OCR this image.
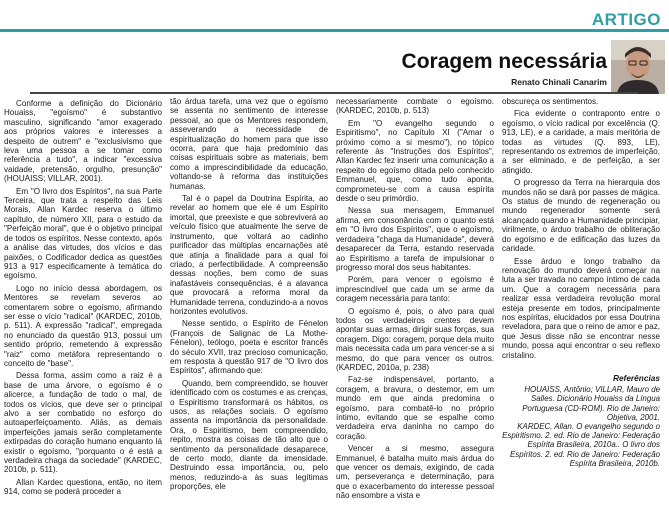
ARTIGO
Coragem necessária
Renato Chinali Canarim

Conforme a definição do Dicionário Houaiss, "egoísmo" é substantivo masculino, significando "amor exagerado aos próprios valores e interesses a despeito de outrem" e "exclusivismo que leva uma pessoa a se tomar como referência a tudo", a indicar "excessiva vaidade, pretensão, orgulho, presunção" (HOUAISS; VILLAR, 2001).

Em "O livro dos Espíritos", na sua Parte Terceira, que trata a respeito das Leis Morais, Allan Kardec reserva o último capítulo, de número XII, para o estudo da "Perfeição moral", que é o objetivo principal de todos os espíritos. Nesse contexto, após a análise das virtudes, dos vícios e das paixões, o Codificador dedica as questões 913 a 917 especificamente à temática do egoísmo.

Logo no início dessa abordagem, os Mentores se revelam severos ao comentarem sobre o egoísmo, afirmando ser esse o vício "radical" (KARDEC, 2010b, p. 511). A expressão "radical", empregada no enunciado da questão 913, possui um sentido próprio, remetendo à expressão "raiz" como metáfora representando o conceito de "base".

Dessa forma, assim como a raiz é a base de uma árvore, o egoísmo é o alicerce, a fundação de todo o mal, de todos os vícios, que deve ser o principal alvo a ser combatido no esforço do autoaperfeiçoamento. Aliás, as demais imperfeições jamais serão completamente extirpadas do coração humano enquanto lá existir o egoísmo, "porquanto o é está a verdadeira chaga da sociedade" (KARDEC, 2010b, p. 511).

Allan Kardec questiona, então, no item 914, como se poderá proceder a

tão árdua tarefa, uma vez que o egoísmo se assenta no sentimento de interesse pessoal, ao que os Mentores respondem, asseverando a necessidade de espiritualização do homem para que isso ocorra, para que haja predomínio das coisas espirituais sobre as materiais, bem como a imprescindibilidade da educação, voltando-se à reforma das instituições humanas.

Tal é o papel da Doutrina Espírita, ao revelar ao homem que ele é um Espírito imortal, que preexiste e que sobreviverá ao veículo físico que atualmente lhe serve de instrumento, que voltará ao cadinho purificador das múltiplas encarnações até que atinja a finalidade para a qual foi criado, a perfectibilidade. A compreensão dessas noções, bem como de suas inafastáveis consequências, é a alavanca que provocará a reforma moral da Humanidade terrena, conduzindo-a a novos horizontes evolutivos.

Nesse sentido, o Espírito de Fénelon (François de Salignac de La Mothe-Fénelon), teólogo, poeta e escritor francês do século XVII, traz precioso comunicação, em resposta à questão 917 de "O livro dos Espíritos", afirmando que:

Quando, bem compreendido, se houver identificado com os costumes e as crenças, o Espiritismo transformará os hábitos, os usos, as relações sociais. O egoísmo assenta na importância da personalidade. Ora, o Espiritismo, bem compreendido, repito, mostra as coisas de tão alto que o sentimento da personalidade desaparece, de certo modo, diante da imensidade. Destruindo essa importância, ou, pelo menos, reduzindo-a às suas legítimas proporções, ele

necessariamente combate o egoísmo. (KARDEC, 2010b, p. 513)

Em "O evangelho segundo o Espiritismo", no Capítulo XI ("Amar o próximo como a si mesmo"), no tópico referente às "Instruções dos Espíritos", Allan Kardec fez inserir uma comunicação a respeito do egoísmo ditada pelo conhecido Emmanuel, que, como tudo aponta, comprometeu-se com a causa espírita desde o seu primórdio.

Nessa sua mensagem, Emmanuel afirma, em consonância com o quanto está em "O livro dos Espíritos", que o egoísmo, verdadeira "chaga da Humanidade", deverá desaparecer da Terra, estando reservada ao Espiritismo a tarefa de impulsionar o progresso moral dos seus habitantes.

Porém, para vencer o egoísmo é imprescindível que cada um se arme da coragem necessária para tanto:

O egoísmo é, pois, o alvo para qual todos os verdadeiros crentes devem apontar suas armas, dirigir suas forças, sua coragem. Digo: coragem, porque dela muito mais necessita cada um para vencer-se a si mesmo, do que para vencer os outros. (KARDEC, 2010a, p. 238)

Faz-se indispensável, portanto, a coragem, a bravura, o destemor, em um mundo em que ainda predomina o egoísmo, para combatê-lo no próprio íntimo, evitando que se espalhe como verdadeira erva daninha no campo do coração.

Vencer a si mesmo, assegura Emmanuel, é batalha muito mais árdua do que vencer os demais, exigindo, de cada um, perseverança e determinação, para que o exacerbamento do interesse pessoal não ensombre a vista e

obscureça os sentimentos.

Fica evidente o contraponto entre o egoísmo, o vício radical por excelência (Q. 913, LE), e a caridade, a mais meritória de todas as virtudes (Q. 893, LE), representando os extremos de imperfeição, a ser eliminado, e de perfeição, a ser atingido.

O progresso da Terra na hierarquia dos mundos não se dará por passes de mágica. Os status de mundo de regeneração ou mundo regenerador somente será alcançado quando a Humanidade principiar, virilmente, o árduo trabalho de obliteração do egoísmo e de edificação das luzes da caridade.

Esse árduo e longo trabalho da renovação do mundo deverá começar na luta a ser travada no campo íntimo de cada um. Que a coragem necessária para realizar essa verdadeira revolução moral esteja presente em todos, principalmente nos espíritas, elucidados por essa Doutrina reveladora, para que o reino de amor e paz, que Jesus disse não se encontrar nesse mundo, possa aqui encontrar o seu reflexo cristalino.

Referências
HOUAISS, Antônio; VILLAR, Mauro de Salles. Dicionário Houaiss da Língua Portuguesa (CD-ROM). Rio de Janeiro: Objetiva, 2001.
KARDEC, Allan. O evangelho segundo o Espiritismo. 2. ed. Rio de Janeiro: Federação Espírita Brasileira, 2010a.. O livro dos Espíritos. 2. ed. Rio de Janeiro: Federação Espírita Brasileira, 2010b.
